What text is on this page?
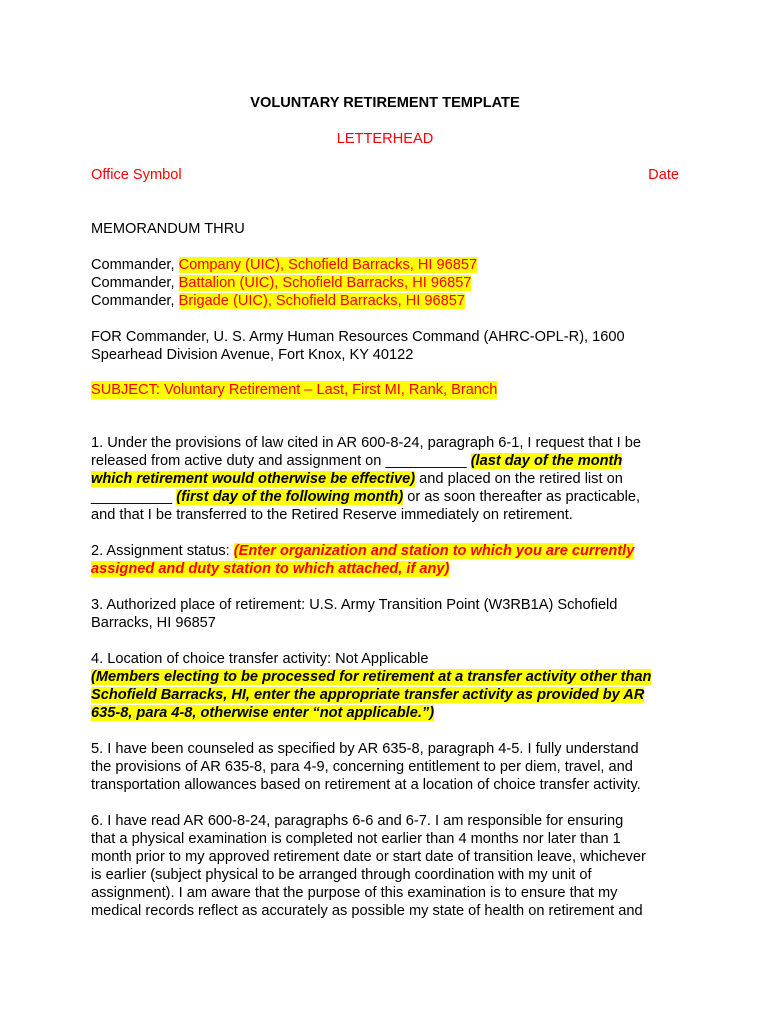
VOLUNTARY RETIREMENT TEMPLATE
LETTERHEAD
Office Symbol	Date
MEMORANDUM THRU
Commander, Company (UIC), Schofield Barracks, HI 96857
Commander, Battalion (UIC), Schofield Barracks, HI 96857
Commander, Brigade (UIC), Schofield Barracks, HI 96857
FOR Commander, U. S. Army Human Resources Command (AHRC-OPL-R), 1600
Spearhead Division Avenue, Fort Knox, KY 40122
SUBJECT: Voluntary Retirement – Last, First MI, Rank, Branch
1. Under the provisions of law cited in AR 600-8-24, paragraph 6-1, I request that I be
released from active duty and assignment on __________ (last day of the month
which retirement would otherwise be effective) and placed on the retired list on
__________ (first day of the following month) or as soon thereafter as practicable,
and that I be transferred to the Retired Reserve immediately on retirement.
2. Assignment status: (Enter organization and station to which you are currently
assigned and duty station to which attached, if any)
3. Authorized place of retirement: U.S. Army Transition Point (W3RB1A) Schofield
Barracks, HI 96857
4. Location of choice transfer activity: Not Applicable
(Members electing to be processed for retirement at a transfer activity other than
Schofield Barracks, HI, enter the appropriate transfer activity as provided by AR
635-8, para 4-8, otherwise enter “not applicable.”)
5. I have been counseled as specified by AR 635-8, paragraph 4-5. I fully understand
the provisions of AR 635-8, para 4-9, concerning entitlement to per diem, travel, and
transportation allowances based on retirement at a location of choice transfer activity.
6. I have read AR 600-8-24, paragraphs 6-6 and 6-7. I am responsible for ensuring
that a physical examination is completed not earlier than 4 months nor later than 1
month prior to my approved retirement date or start date of transition leave, whichever
is earlier (subject physical to be arranged through coordination with my unit of
assignment). I am aware that the purpose of this examination is to ensure that my
medical records reflect as accurately as possible my state of health on retirement and
